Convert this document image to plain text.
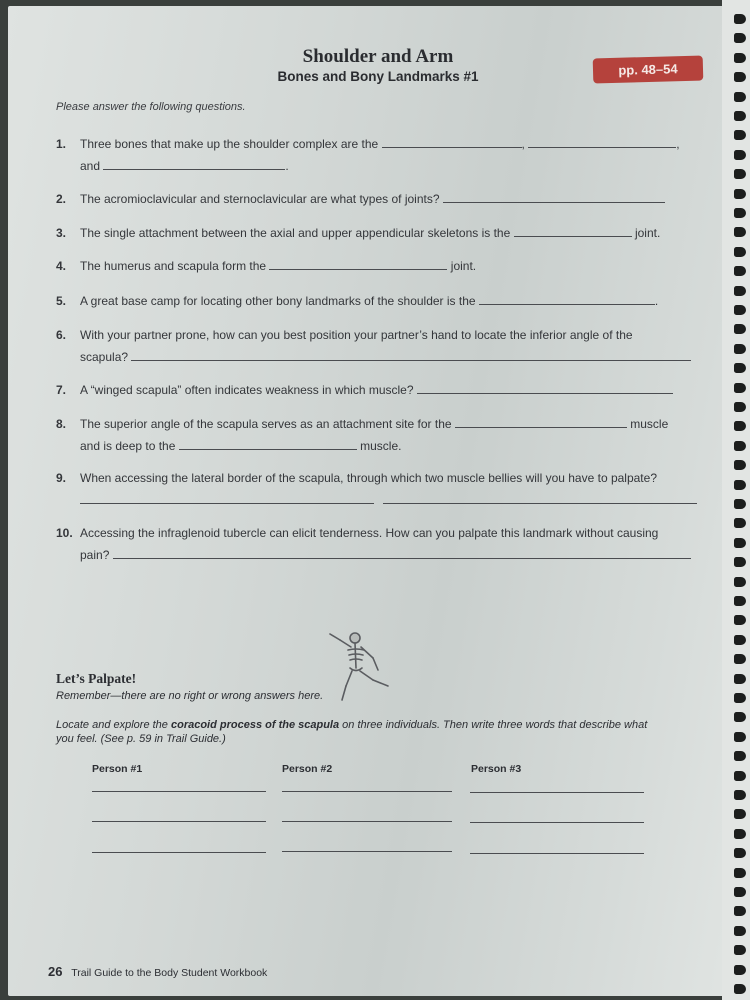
Shoulder and Arm
Bones and Bony Landmarks #1	pp. 48–54
Please answer the following questions.
1.	Three bones that make up the shoulder complex are the	,	,
and	.
2.	The acromioclavicular and sternoclavicular are what types of joints?
3.	The single attachment between the axial and upper appendicular skeletons is the	joint.
4.	The humerus and scapula form the	joint.
5.	A great base camp for locating other bony landmarks of the shoulder is the	.
6.	With your partner prone, how can you best position your partner’s hand to locate the inferior angle of the
scapula?
7.	A “winged scapula” often indicates weakness in which muscle?
8.	The superior angle of the scapula serves as an attachment site for the	muscle
and is deep to the	muscle.
9.	When accessing the lateral border of the scapula, through which two muscle bellies will you have to palpate?

10. Accessing the infraglenoid tubercle can elicit tenderness. How can you palpate this landmark without causing
pain?
Let’s Palpate!
Remember—there are no right or wrong answers here.
Locate and explore the coracoid process of the scapula on three individuals. Then write three words that describe what you feel. (See p. 59 in Trail Guide.)
Person #1	Person #2	Person #3
26 Trail Guide to the Body Student Workbook
